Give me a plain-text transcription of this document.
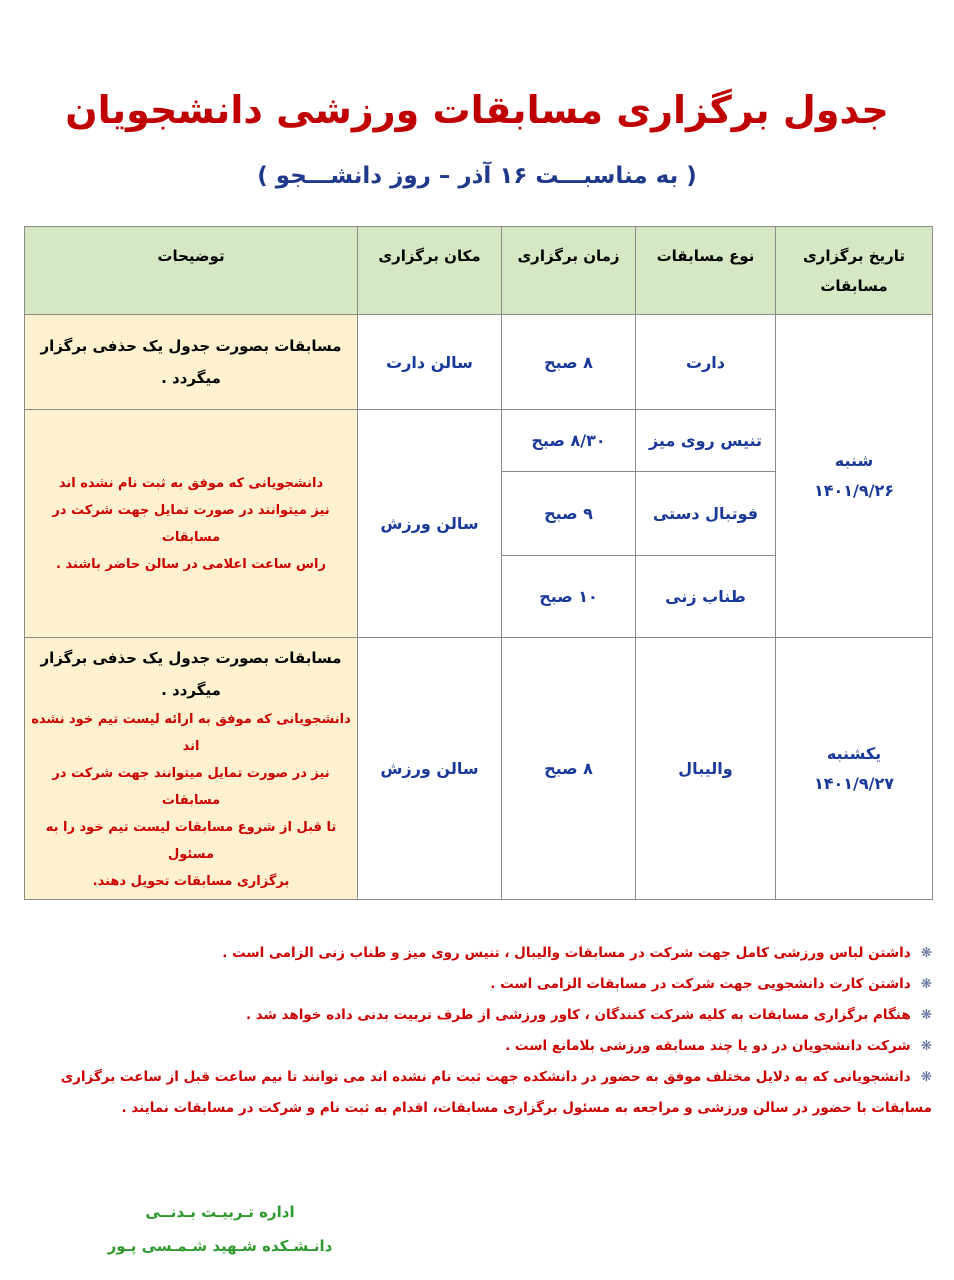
جدول برگزاری مسابقات ورزشی دانشجویان
( به مناسبـــت ۱۶ آذر – روز دانشـــجو )
تاریخ برگزاری مسابقات	نوع مسابقات	زمان برگزاری	مکان برگزاری	توضیحات
شنبه
۱۴۰۱/۹/۲۶	دارت	۸ صبح	سالن دارت	مسابقات بصورت جدول یک حذفی برگزار میگردد .

	تنیس روی میز	۸/۳۰ صبح	سالن ورزش	دانشجویانی که موفق به ثبت نام نشده اند
نیز میتوانند در صورت تمایل جهت شرکت در مسابقات
راس ساعت اعلامی در سالن حاضر باشند .

	فوتبال دستی	۹ صبح		
	طناب زنی	۱۰ صبح		
یکشنبه
۱۴۰۱/۹/۲۷	والیبال	۸ صبح	سالن ورزش	مسابقات بصورت جدول یک حذفی برگزار میگردد .
دانشجویانی که موفق به ارائه لیست تیم خود نشده اند
نیز در صورت تمایل میتوانند جهت شرکت در مسابقات
تا قبل از شروع مسابقات لیست تیم خود را به مسئول
برگزاری مسابقات تحویل دهند.
❋داشتن لباس ورزشی کامل جهت شرکت در مسابقات والیبال ، تنیس روی میز و طناب زنی الزامی است .
❋داشتن کارت دانشجویی جهت شرکت در مسابقات الزامی است .
❋هنگام برگزاری مسابقات به کلیه شرکت کنندگان ، کاور ورزشی از طرف تربیت بدنی داده خواهد شد .
❋شرکت دانشجویان در دو یا چند مسابقه ورزشی بلامانع است .
❋دانشجویانی که به دلایل مختلف موفق به حضور در دانشکده جهت ثبت نام نشده اند می توانند تا نیم ساعت قبل از ساعت برگزاری مسابقات با حضور در سالن ورزشی و مراجعه به مسئول برگزاری مسابقات، اقدام به ثبت نام و شرکت در مسابقات نمایند .
اداره تـربیـت بـدنــی
دانـشـکده شـهید شـمـسی پـور
